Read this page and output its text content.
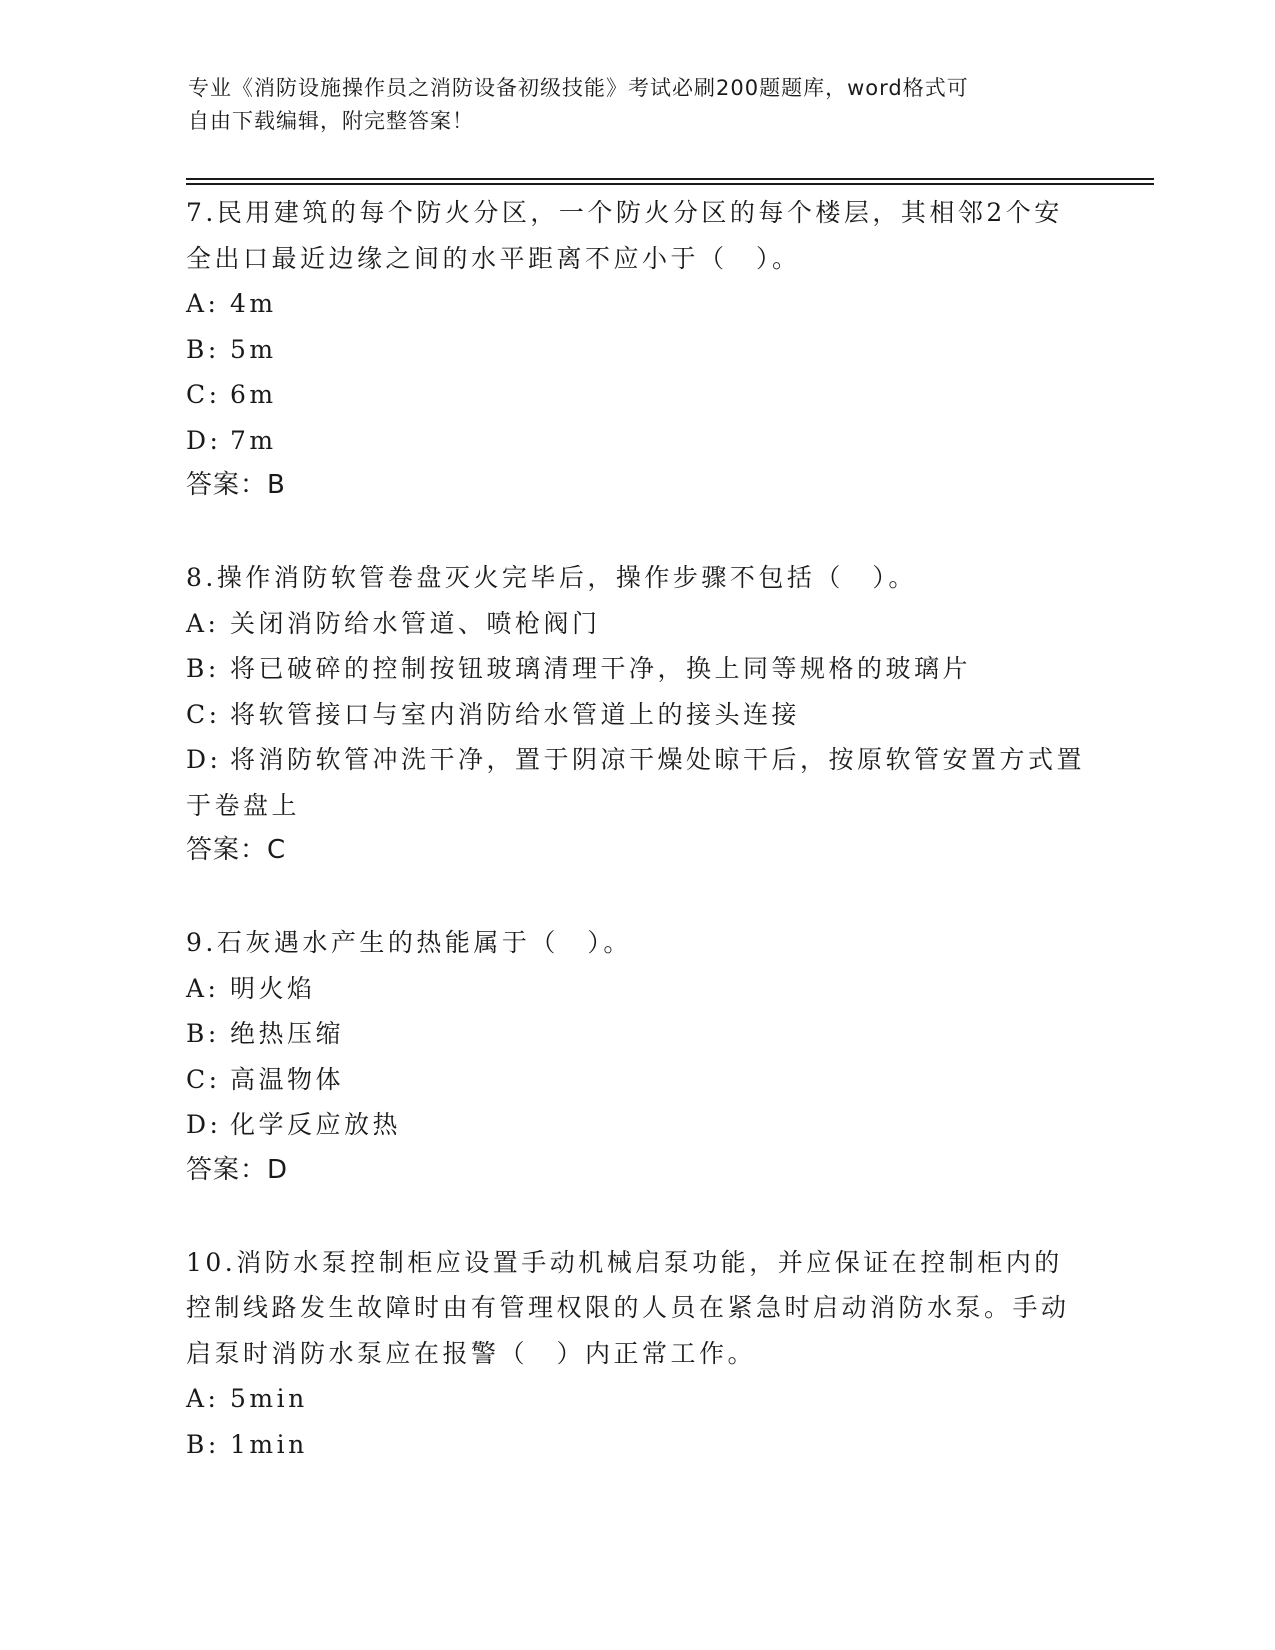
专业《消防设施操作员之消防设备初级技能》考试必刷200题题库，word格式可
自由下载编辑，附完整答案！

7.民用建筑的每个防火分区，一个防火分区的每个楼层，其相邻2个安全出口最近边缘之间的水平距离不应小于（　）。

A: 4m

B: 5m

C: 6m

D: 7m

答案：B

8.操作消防软管卷盘灭火完毕后，操作步骤不包括（　）。

A: 关闭消防给水管道、喷枪阀门

B: 将已破碎的控制按钮玻璃清理干净，换上同等规格的玻璃片

C: 将软管接口与室内消防给水管道上的接头连接

D: 将消防软管冲洗干净，置于阴凉干燥处晾干后，按原软管安置方式置于卷盘上

答案：C

9.石灰遇水产生的热能属于（　）。

A: 明火焰

B: 绝热压缩

C: 高温物体

D: 化学反应放热

答案：D

10.消防水泵控制柜应设置手动机械启泵功能，并应保证在控制柜内的控制线路发生故障时由有管理权限的人员在紧急时启动消防水泵。手动启泵时消防水泵应在报警（　）内正常工作。

A: 5min

B: 1min
